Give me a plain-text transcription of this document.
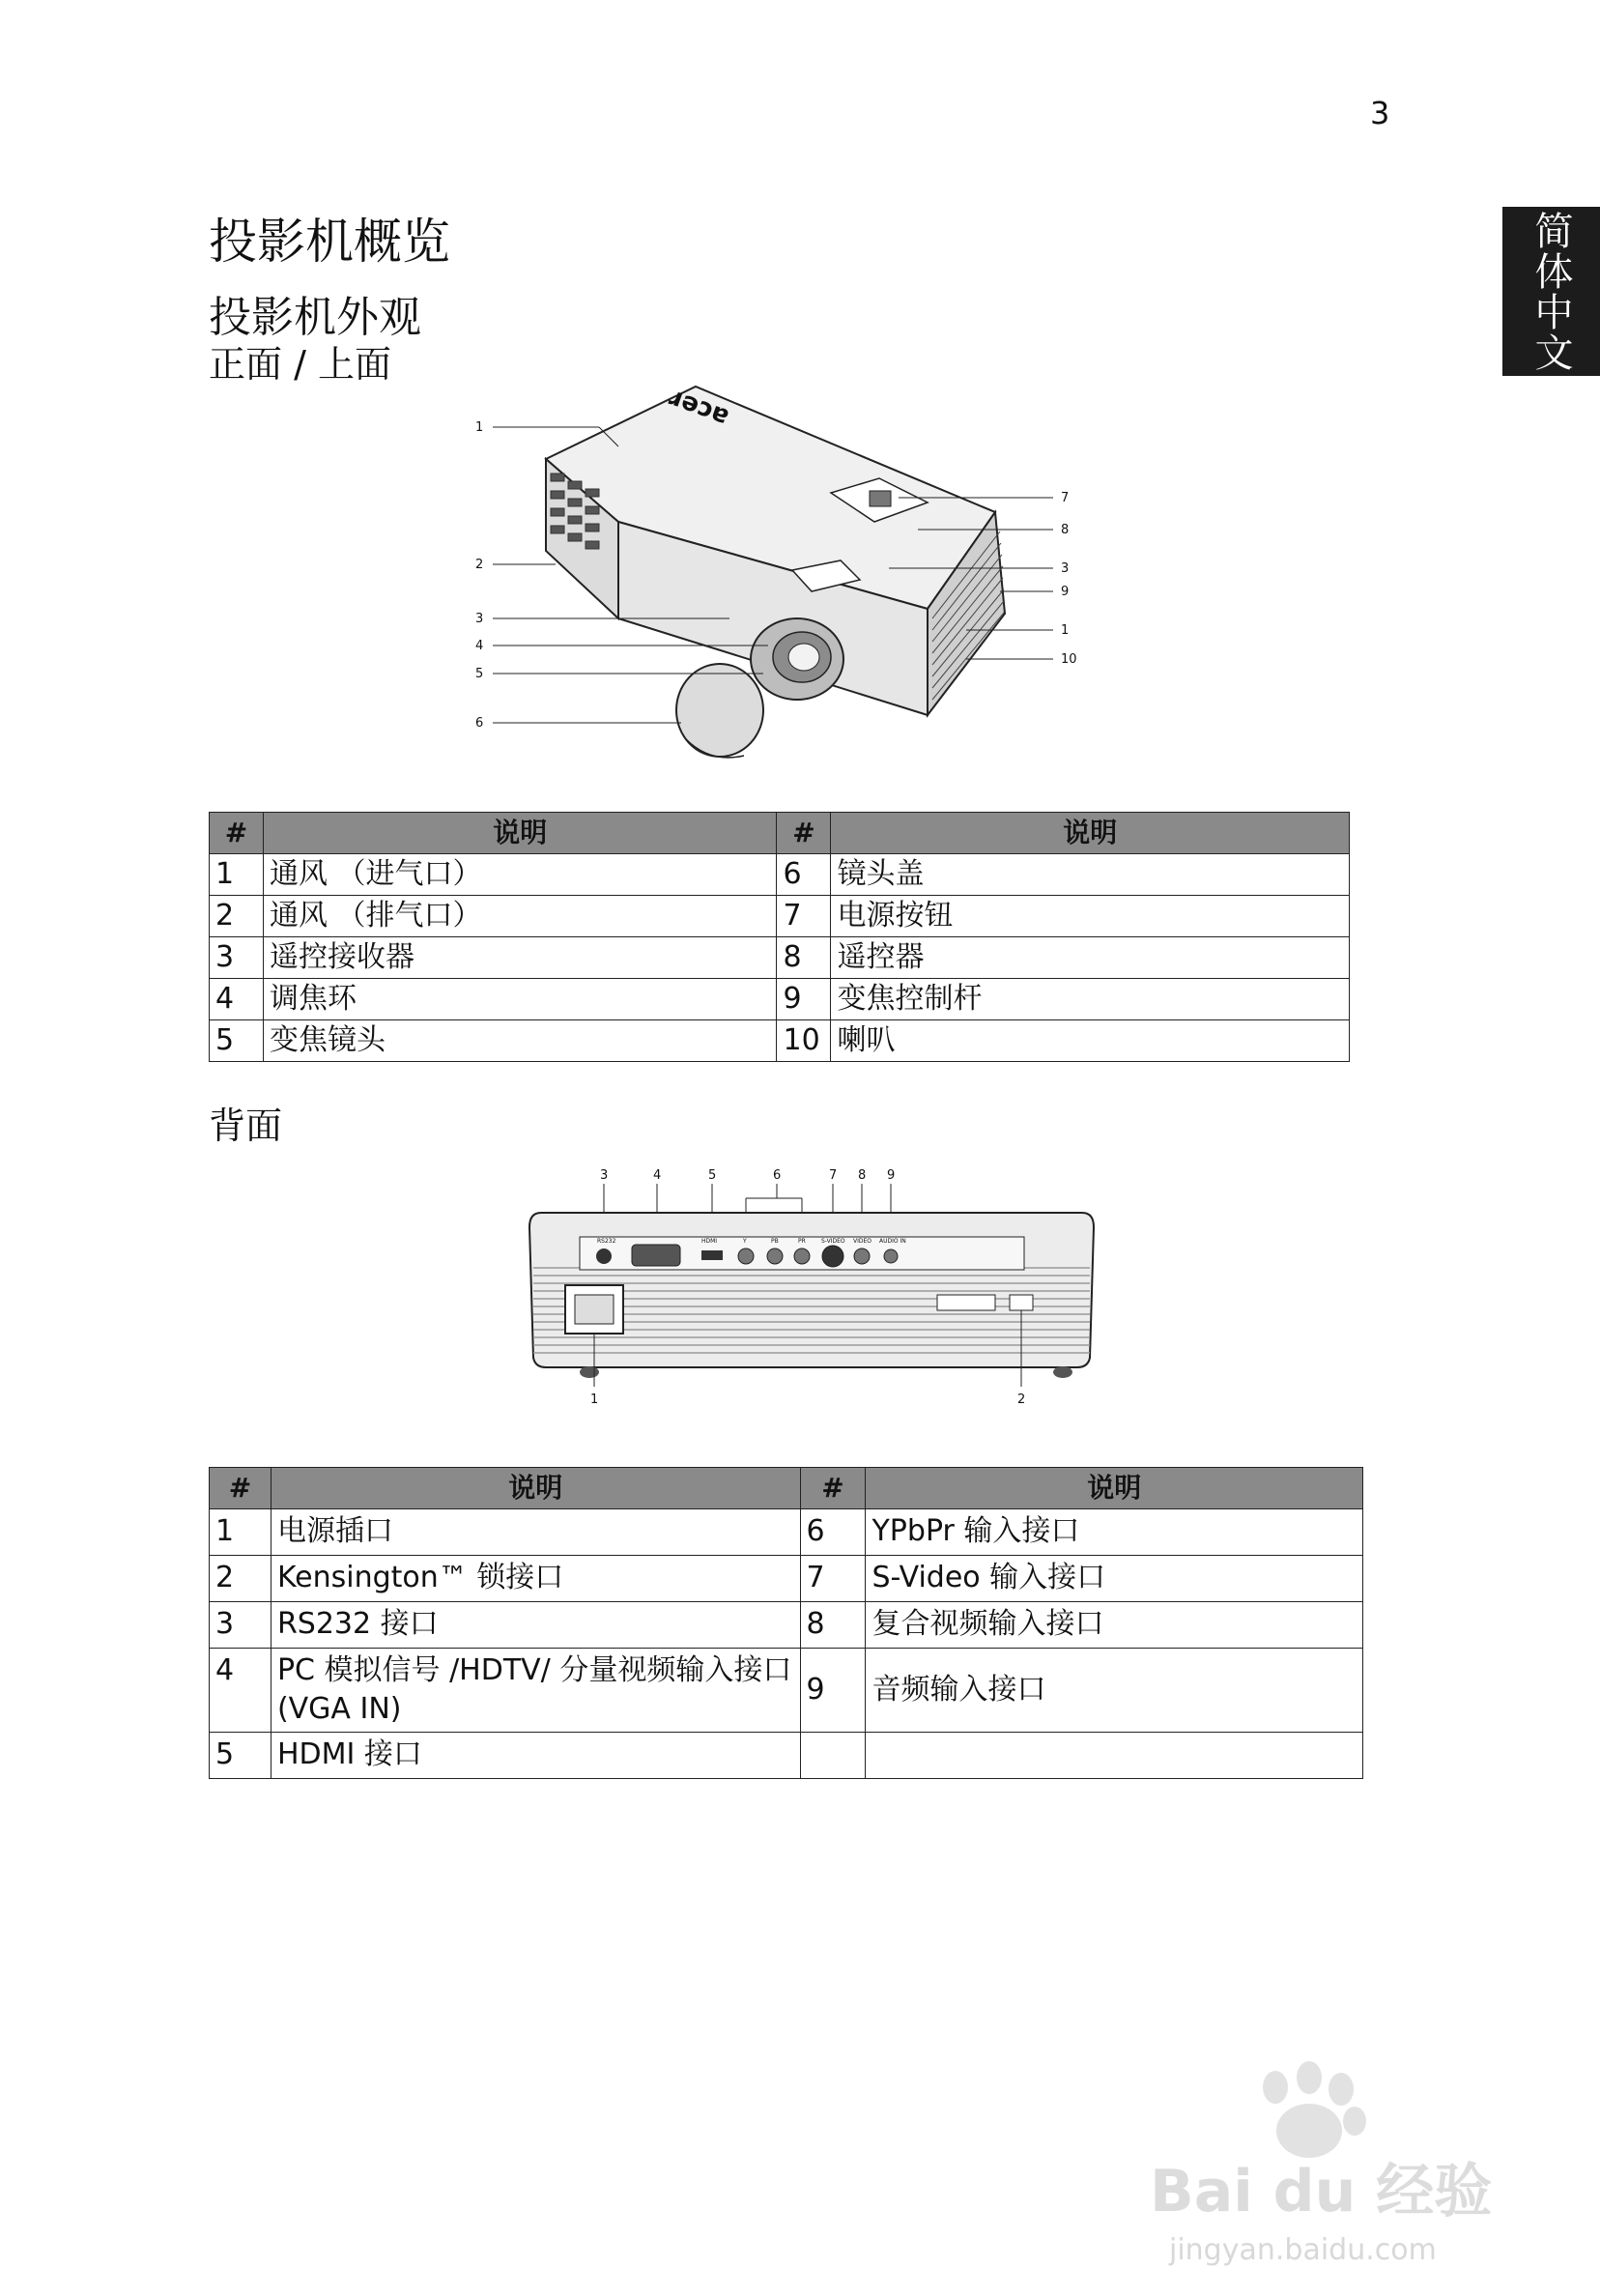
3
简体中文
投影机概览
投影机外观
正面 / 上面
acer
1
2
3
4
5
6
7
8
3
9
1
10
#	说明	#	说明
1	通风 （进气口）	6	镜头盖
2	通风 （排气口）	7	电源按钮
3	遥控接收器	8	遥控器
4	调焦环	9	变焦控制杆
5	变焦镜头	10	喇叭
背面
3	4	5	6	7 8 9
RS232	HDMI	Y	PB	PR	S-VIDEO VIDEO AUDIO IN
1	2
#	说明	#	说明
1	电源插口	6	YPbPr 输入接口
2	Kensington™ 锁接口	7	S-Video 输入接口
3	RS232 接口	8	复合视频输入接口
4	PC 模拟信号 /HDTV/ 分量视频输入接口 (VGA IN)	9	音频输入接口
5	HDMI 接口		
Bai du 经验
jingyan.baidu.com
